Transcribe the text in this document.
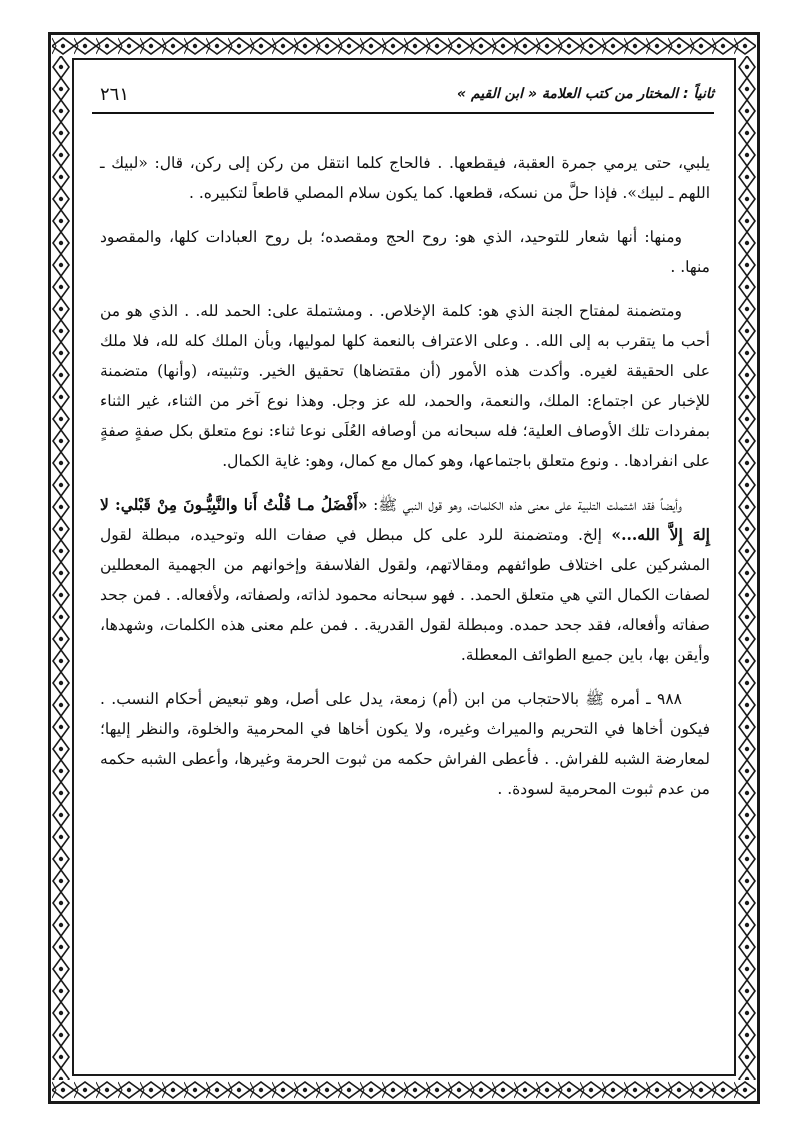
ثانياً : المختار من كتب العلامة « ابن القيم »
٢٦١

يلبي، حتى يرمي جمرة العقبة، فيقطعها. . فالحاج كلما انتقل من ركن إلى ركن، قال: «لبيك ـ اللهم ـ لبيك». فإذا حلَّ من نسكه، قطعها. كما يكون سلام المصلي قاطعاً لتكبيره. .

ومنها: أنها شعار للتوحيد، الذي هو: روح الحج ومقصده؛ بل روح العبادات كلها، والمقصود منها. .

ومتضمنة لمفتاح الجنة الذي هو: كلمة الإخلاص. . ومشتملة على: الحمد لله. . الذي هو من أحب ما يتقرب به إلى الله. . وعلى الاعتراف بالنعمة كلها لموليها، وبأن الملك كله لله، فلا ملك على الحقيقة لغيره. وأكدت هذه الأمور (أن مقتضاها) تحقيق الخير. وتثبيته، (وأنها) متضمنة للإخبار عن اجتماع: الملك، والنعمة، والحمد، لله عز وجل. وهذا نوع آخر من الثناء، غير الثناء بمفردات تلك الأوصاف العلية؛ فله سبحانه من أوصافه العُلَى نوعا ثناء: نوع متعلق بكل صفةٍ صفةٍ على انفرادها. . ونوع متعلق باجتماعها، وهو كمال مع كمال، وهو: غاية الكمال.

وأيضاً فقد اشتملت التلبية على معنى هذه الكلمات، وهو قول النبي ﷺ: «أَفْضَلُ مـا قُلْتُ أَنا والنَّبِيُّـونَ مِنْ قَبْلي: لا إِلهَ إِلاَّ الله...» إلخ. ومتضمنة للرد على كل مبطل في صفات الله وتوحيده، مبطلة لقول المشركين على اختلاف طوائفهم ومقالاتهم، ولقول الفلاسفة وإخوانهم من الجهمية المعطلين لصفات الكمال التي هي متعلق الحمد. . فهو سبحانه محمود لذاته، ولصفاته، ولأفعاله. . فمن جحد صفاته وأفعاله، فقد جحد حمده. ومبطلة لقول القدرية. . فمن علم معنى هذه الكلمات، وشهدها، وأيقن بها، باين جميع الطوائف المعطلة.

٩٨٨ ـ أمره ﷺ بالاحتجاب من ابن (أم) زمعة، يدل على أصل، وهو تبعيض أحكام النسب. . فيكون أخاها في التحريم والميراث وغيره، ولا يكون أخاها في المحرمية والخلوة، والنظر إليها؛ لمعارضة الشبه للفراش. . فأعطى الفراش حكمه من ثبوت الحرمة وغيرها، وأعطى الشبه حكمه من عدم ثبوت المحرمية لسودة. .
